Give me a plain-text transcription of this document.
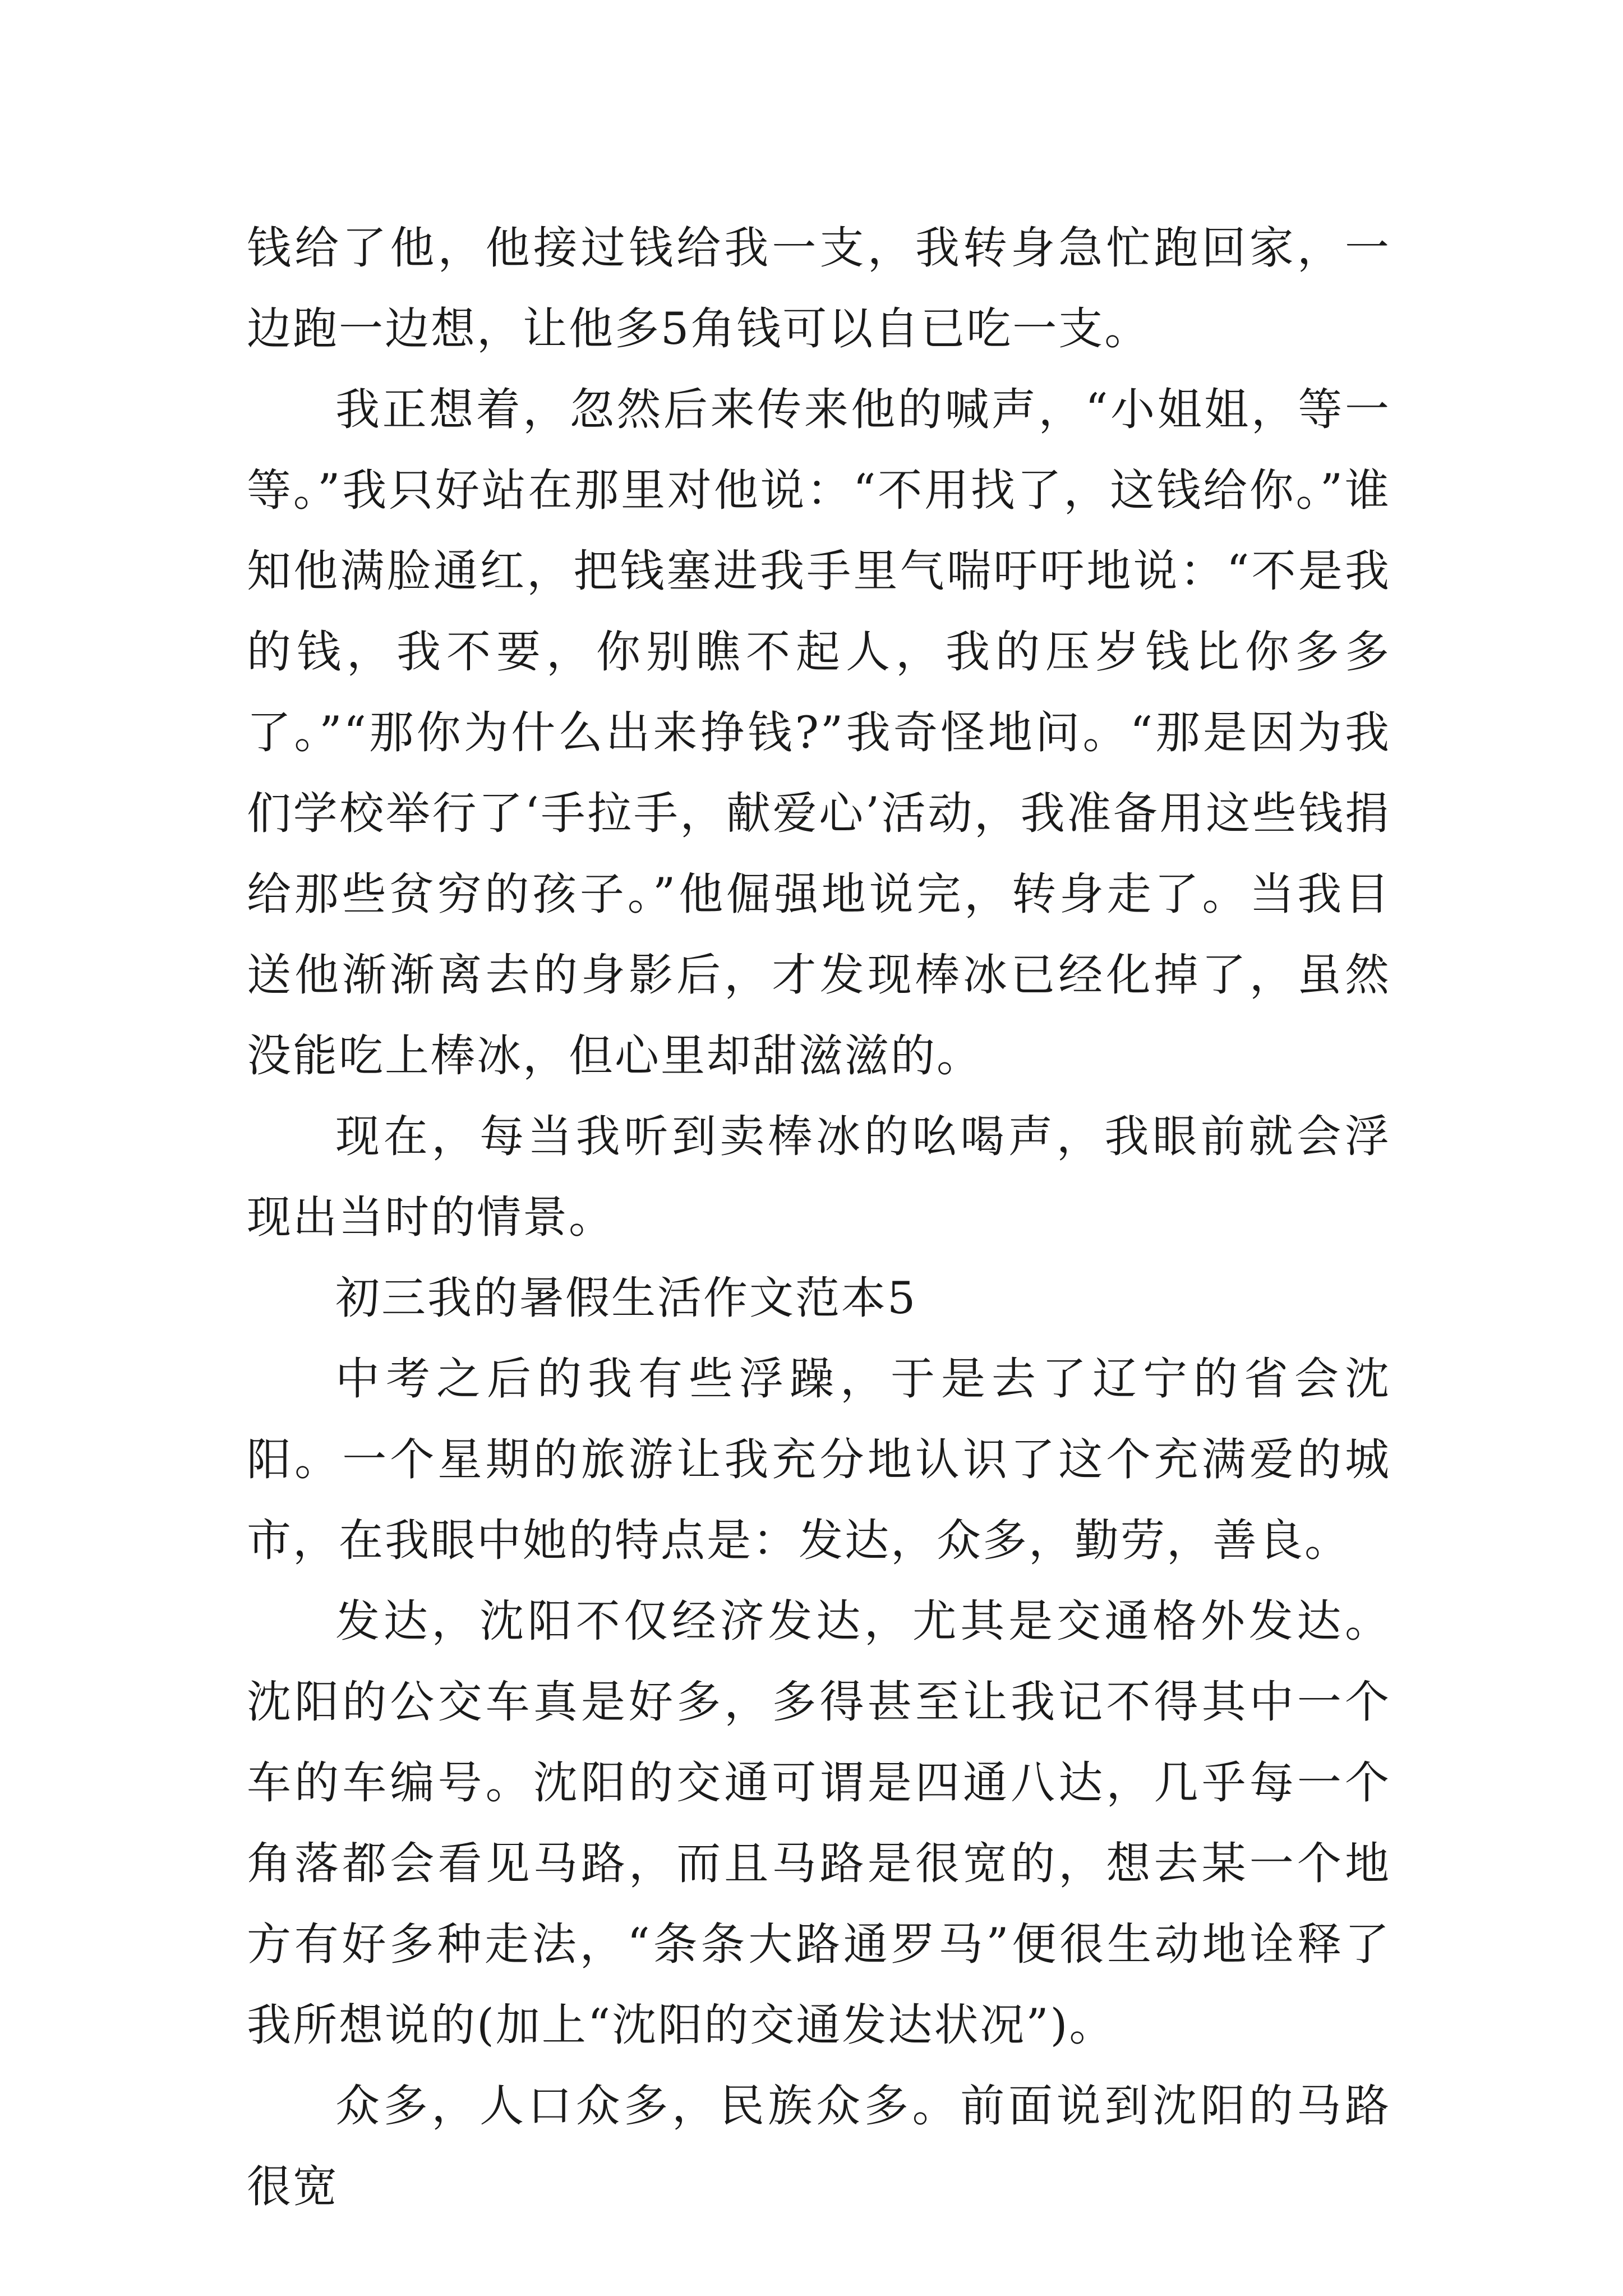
钱给了他，他接过钱给我一支，我转身急忙跑回家，一边跑一边想，让他多5角钱可以自已吃一支。

我正想着，忽然后来传来他的喊声，“小姐姐，等一等。”我只好站在那里对他说：“不用找了，这钱给你。”谁知他满脸通红，把钱塞进我手里气喘吁吁地说：“不是我的钱，我不要，你别瞧不起人，我的压岁钱比你多多了。”“那你为什么出来挣钱?”我奇怪地问。“那是因为我们学校举行了‘手拉手，献爱心’活动，我准备用这些钱捐给那些贫穷的孩子。”他倔强地说完，转身走了。当我目送他渐渐离去的身影后，才发现棒冰已经化掉了，虽然没能吃上棒冰，但心里却甜滋滋的。

现在，每当我听到卖棒冰的吆喝声，我眼前就会浮现出当时的情景。

初三我的暑假生活作文范本5

中考之后的我有些浮躁，于是去了辽宁的省会沈阳。一个星期的旅游让我充分地认识了这个充满爱的城市，在我眼中她的特点是：发达，众多，勤劳，善良。

发达，沈阳不仅经济发达，尤其是交通格外发达。沈阳的公交车真是好多，多得甚至让我记不得其中一个车的车编号。沈阳的交通可谓是四通八达，几乎每一个角落都会看见马路，而且马路是很宽的，想去某一个地方有好多种走法，“条条大路通罗马”便很生动地诠释了我所想说的(加上“沈阳的交通发达状况”)。

众多，人口众多，民族众多。前面说到沈阳的马路很宽
